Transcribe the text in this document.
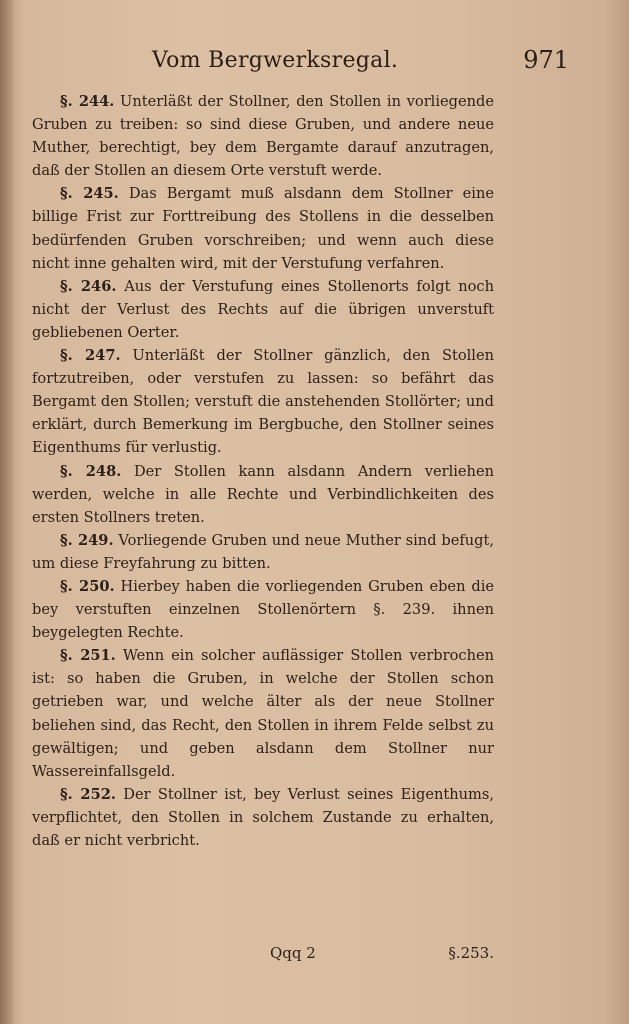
Vom Bergwerksregal.	971

§. 244. Unterläßt der Stollner, den Stollen in vorliegende Gruben zu treiben: so sind diese Gruben, und andere neue Muther, berechtigt, bey dem Bergamte darauf anzutragen, daß der Stollen an diesem Orte verstuft werde.

§. 245. Das Bergamt muß alsdann dem Stollner eine billige Frist zur Forttreibung des Stollens in die desselben bedürfenden Gruben vorschreiben; und wenn auch diese nicht inne gehalten wird, mit der Verstufung verfahren.

§. 246. Aus der Verstufung eines Stollenorts folgt noch nicht der Verlust des Rechts auf die übrigen unverstuft gebliebenen Oerter.

§. 247. Unterläßt der Stollner gänzlich, den Stollen fortzutreiben, oder verstufen zu lassen: so befährt das Bergamt den Stollen; verstuft die anstehenden Stollörter; und erklärt, durch Bemerkung im Bergbuche, den Stollner seines Eigenthums für verlustig.

§. 248. Der Stollen kann alsdann Andern verliehen werden, welche in alle Rechte und Verbindlichkeiten des ersten Stollners treten.

§. 249. Vorliegende Gruben und neue Muther sind befugt, um diese Freyfahrung zu bitten.

§. 250. Hierbey haben die vorliegenden Gruben eben die bey verstuften einzelnen Stollenörtern §. 239. ihnen beygelegten Rechte.

§. 251. Wenn ein solcher auflässiger Stollen verbrochen ist: so haben die Gruben, in welche der Stollen schon getrieben war, und welche älter als der neue Stollner beliehen sind, das Recht, den Stollen in ihrem Felde selbst zu gewältigen; und geben alsdann dem Stollner nur Wassereinfallsgeld.

§. 252. Der Stollner ist, bey Verlust seines Eigenthums, verpflichtet, den Stollen in solchem Zustande zu erhalten, daß er nicht verbricht.

Qqq 2	§.253.
